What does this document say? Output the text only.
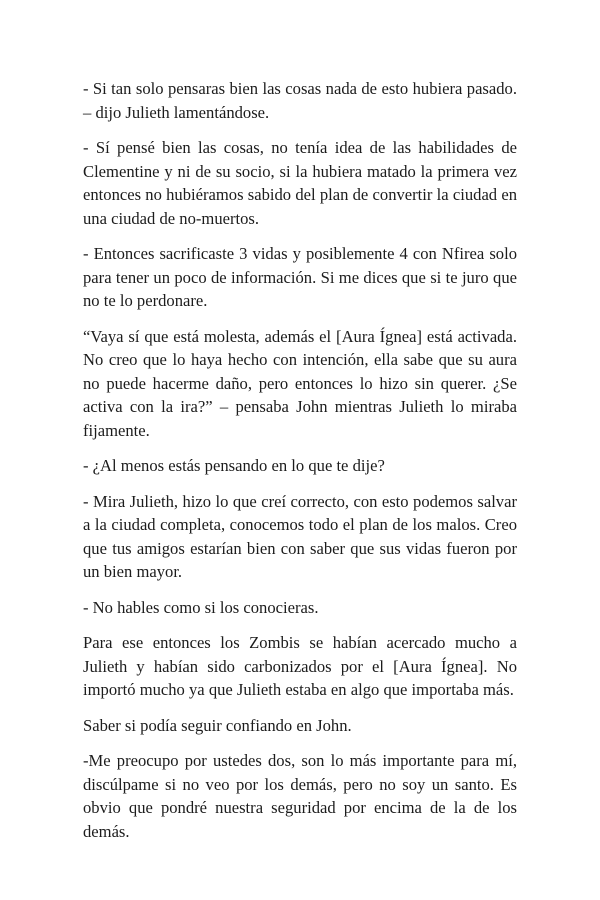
- Si tan solo pensaras bien las cosas nada de esto hubiera pasado. – dijo Julieth lamentándose.

- Sí pensé bien las cosas, no tenía idea de las habilidades de Clementine y ni de su socio, si la hubiera matado la primera vez entonces no hubiéramos sabido del plan de convertir la ciudad en una ciudad de no-muertos.

- Entonces sacrificaste 3 vidas y posiblemente 4 con Nfirea solo para tener un poco de información. Si me dices que si te juro que no te lo perdonare.

“Vaya sí que está molesta, además el [Aura Ígnea] está activada. No creo que lo haya hecho con intención, ella sabe que su aura no puede hacerme daño, pero entonces lo hizo sin querer. ¿Se activa con la ira?” – pensaba John mientras Julieth lo miraba fijamente.

- ¿Al menos estás pensando en lo que te dije?

- Mira Julieth, hizo lo que creí correcto, con esto podemos salvar a la ciudad completa, conocemos todo el plan de los malos. Creo que tus amigos estarían bien con saber que sus vidas fueron por un bien mayor.

- No hables como si los conocieras.

Para ese entonces los Zombis se habían acercado mucho a Julieth y habían sido carbonizados por el [Aura Ígnea]. No importó mucho ya que Julieth estaba en algo que importaba más.

Saber si podía seguir confiando en John.

-Me preocupo por ustedes dos, son lo más importante para mí, discúlpame si no veo por los demás, pero no soy un santo. Es obvio que pondré nuestra seguridad por encima de la de los demás.
